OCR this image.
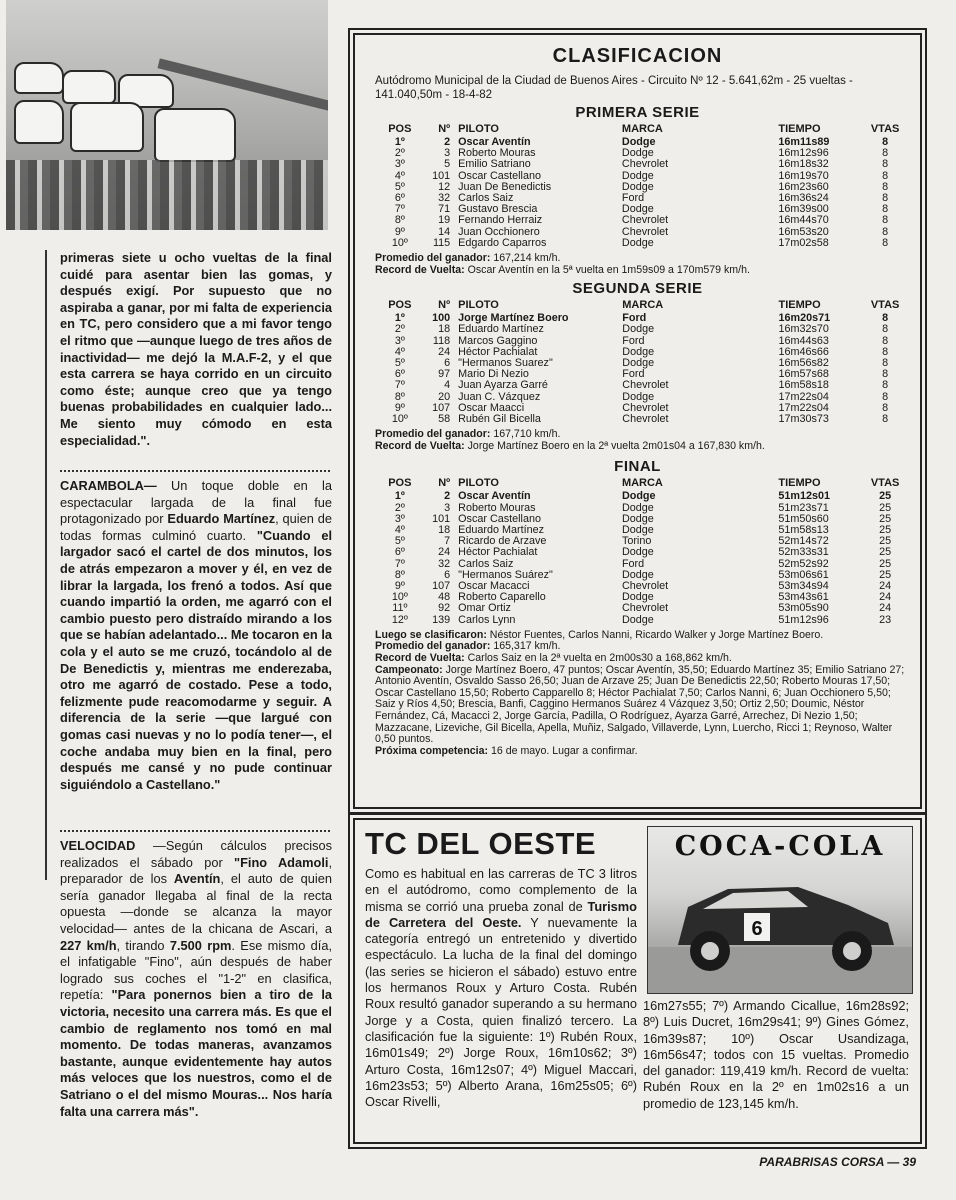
primeras siete u ocho vueltas de la final cuidé para asentar bien las gomas, y después exigí. Por supuesto que no aspiraba a ganar, por mi falta de experiencia en TC, pero considero que a mi favor tengo el ritmo que —aunque luego de tres años de inactividad— me dejó la M.A.F-2, y el que esta carrera se haya corrido en un circuito como éste; aunque creo que ya tengo buenas probabilidades en cualquier lado... Me siento muy cómodo en esta especialidad.".

CARAMBOLA— Un toque doble en la espectacular largada de la final fue protagonizado por Eduardo Martínez, quien de todas formas culminó cuarto. "Cuando el largador sacó el cartel de dos minutos, los de atrás empezaron a mover y él, en vez de librar la largada, los frenó a todos. Así que cuando impartió la orden, me agarró con el cambio puesto pero distraído mirando a los que se habían adelantado... Me tocaron en la cola y el auto se me cruzó, tocándolo al de De Benedictis y, mientras me enderezaba, otro me agarró de costado. Pese a todo, felizmente pude reacomodarme y seguir. A diferencia de la serie —que largué con gomas casi nuevas y no lo podía tener—, el coche andaba muy bien en la final, pero después me cansé y no pude continuar siguiéndolo a Castellano."

VELOCIDAD —Según cálculos precisos realizados el sábado por "Fino Adamoli, preparador de los Aventín, el auto de quien sería ganador llegaba al final de la recta opuesta —donde se alcanza la mayor velocidad— antes de la chicana de Ascari, a 227 km/h, tirando 7.500 rpm. Ese mismo día, el infatigable "Fino", aún después de haber logrado sus coches el "1-2" en clasifica, repetía: "Para ponernos bien a tiro de la victoria, necesito una carrera más. Es que el cambio de reglamento nos tomó en mal momento. De todas maneras, avanzamos bastante, aunque evidentemente hay autos más veloces que los nuestros, como el de Satriano o el del mismo Mouras... Nos haría falta una carrera más".

CLASIFICACION
Autódromo Municipal de la Ciudad de Buenos Aires - Circuito Nº 12 - 5.641,62m - 25 vueltas - 141.040,50m - 18-4-82
PRIMERA SERIE
POS	Nº	PILOTO	MARCA	TIEMPO	VTAS
1º	2	Oscar Aventín	Dodge	16m11s89	8
2º	3	Roberto Mouras	Dodge	16m12s96	8
3º	5	Emilio Satriano	Chevrolet	16m18s32	8
4º	101	Oscar Castellano	Dodge	16m19s70	8
5º	12	Juan De Benedictis	Dodge	16m23s60	8
6º	32	Carlos Saiz	Ford	16m36s24	8
7º	71	Gustavo Brescia	Dodge	16m39s00	8
8º	19	Fernando Herraiz	Chevrolet	16m44s70	8
9º	14	Juan Occhionero	Chevrolet	16m53s20	8
10º	115	Edgardo Caparros	Dodge	17m02s58	8

Promedio del ganador: 167,214 km/h.

Record de Vuelta: Oscar Aventín en la 5ª vuelta en 1m59s09 a 170m579 km/h.

SEGUNDA SERIE
POS	Nº	PILOTO	MARCA	TIEMPO	VTAS
1º	100	Jorge Martínez Boero	Ford	16m20s71	8
2º	18	Eduardo Martínez	Dodge	16m32s70	8
3º	118	Marcos Gaggino	Ford	16m44s63	8
4º	24	Héctor Pachialat	Dodge	16m46s66	8
5º	6	"Hermanos Suarez"	Dodge	16m56s82	8
6º	97	Mario Di Nezio	Ford	16m57s68	8
7º	4	Juan Ayarza Garré	Chevrolet	16m58s18	8
8º	20	Juan C. Vázquez	Dodge	17m22s04	8
9º	107	Oscar Maacci	Chevrolet	17m22s04	8
10º	58	Rubén Gil Bicella	Chevrolet	17m30s73	8

Promedio del ganador: 167,710 km/h.

Record de Vuelta: Jorge Martínez Boero en la 2ª vuelta 2m01s04 a 167,830 km/h.

FINAL
POS	Nº	PILOTO	MARCA	TIEMPO	VTAS
1º	2	Oscar Aventín	Dodge	51m12s01	25
2º	3	Roberto Mouras	Dodge	51m23s71	25
3º	101	Oscar Castellano	Dodge	51m50s60	25
4º	18	Eduardo Martínez	Dodge	51m58s13	25
5º	7	Ricardo de Arzave	Torino	52m14s72	25
6º	24	Héctor Pachialat	Dodge	52m33s31	25
7º	32	Carlos Saiz	Ford	52m52s92	25
8º	6	"Hermanos Suárez"	Dodge	53m06s61	25
9º	107	Oscar Macacci	Chevrolet	53m34s94	24
10º	48	Roberto Caparello	Dodge	53m43s61	24
11º	92	Omar Ortiz	Chevrolet	53m05s90	24
12º	139	Carlos Lynn	Dodge	51m12s96	23

Luego se clasificaron: Néstor Fuentes, Carlos Nanni, Ricardo Walker y Jorge Martínez Boero.

Promedio del ganador: 165,317 km/h.

Record de Vuelta: Carlos Saiz en la 2ª vuelta en 2m00s30 a 168,862 km/h.

Campeonato: Jorge Martínez Boero, 47 puntos; Oscar Aventín, 35,50; Eduardo Martínez 35; Emilio Satriano 27; Antonio Aventín, Osvaldo Sasso 26,50; Juan de Arzave 25; Juan De Benedictis 22,50; Roberto Mouras 17,50; Oscar Castellano 15,50; Roberto Capparello 8; Héctor Pachialat 7,50; Carlos Nanni, 6; Juan Occhionero 5,50; Saiz y Ríos 4,50; Brescia, Banfi, Caggino Hermanos Suárez 4 Vázquez 3,50; Ortiz 2,50; Doumic, Néstor Fernández, Cá, Macacci 2, Jorge García, Padilla, O Rodríguez, Ayarza Garré, Arrechez, Di Nezio 1,50; Mazzacane, Lizeviche, Gil Bicella, Apella, Muñiz, Salgado, Villaverde, Lynn, Luercho, Ricci 1; Reynoso, Walter 0,50 puntos.

Próxima competencia: 16 de mayo. Lugar a confirmar.

TC DEL OESTE
Como es habitual en las carreras de TC 3 litros en el autódromo, como complemento de la misma se corrió una prueba zonal de Turismo de Carretera del Oeste. Y nuevamente la categoría entregó un entretenido y divertido espectáculo. La lucha de la final del domingo (las series se hicieron el sábado) estuvo entre los hermanos Roux y Arturo Costa. Rubén Roux resultó ganador superando a su hermano Jorge y a Costa, quien finalizó tercero. La clasificación fue la siguiente: 1º) Rubén Roux, 16m01s49; 2º) Jorge Roux, 16m10s62; 3º) Arturo Costa, 16m12s07; 4º) Miguel Maccari, 16m23s53; 5º) Alberto Arana, 16m25s05; 6º) Oscar Rivelli,
COCA-COLA
6
16m27s55; 7º) Armando Cicallue, 16m28s92; 8º) Luis Ducret, 16m29s41; 9º) Gines Gómez, 16m39s87; 10º) Oscar Usandizaga, 16m56s47; todos con 15 vueltas. Promedio del ganador: 119,419 km/h. Record de vuelta: Rubén Roux en la 2º en 1m02s16 a un promedio de 123,145 km/h.
PARABRISAS CORSA — 39
